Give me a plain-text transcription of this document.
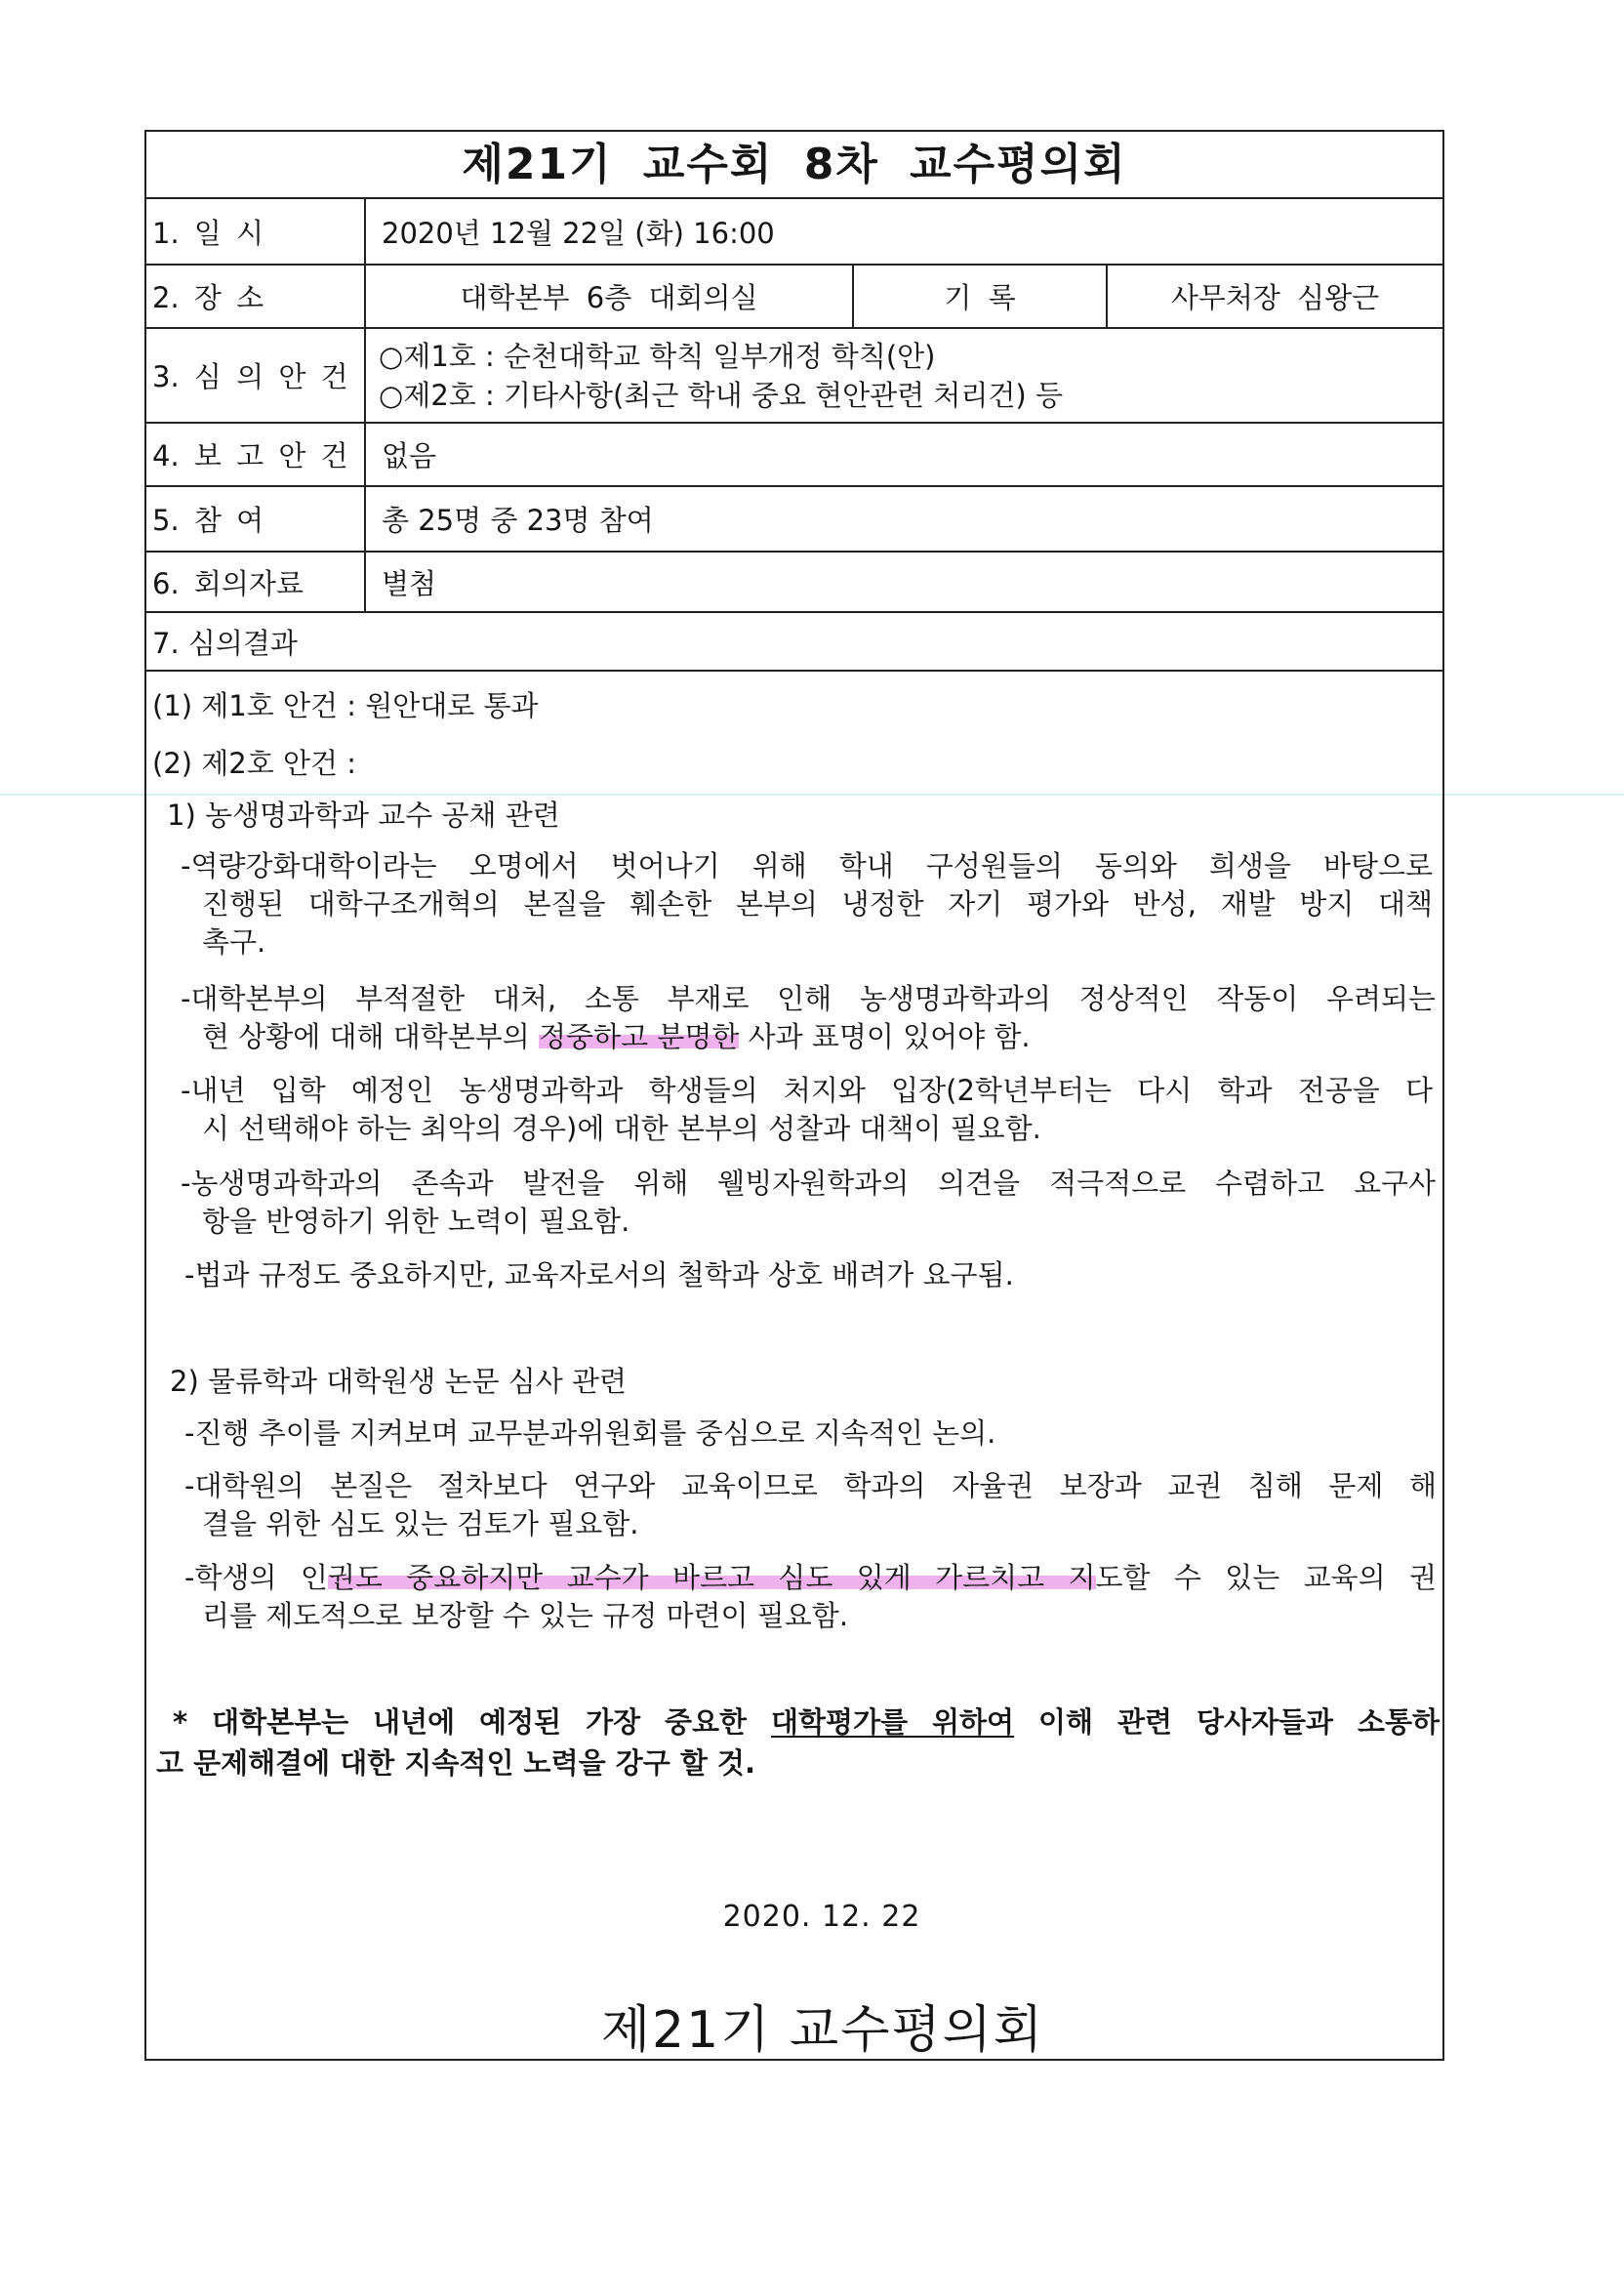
제21기 교수회 8차 교수평의회
1. 일 시	2020년 12월 22일 (화) 16:00
2. 장 소	대학본부 6층 대회의실	기 록	사무처장 심왕근
3. 심 의 안 건
○제1호 : 순천대학교 학칙 일부개정 학칙(안)
○제2호 : 기타사항(최근 학내 중요 현안관련 처리건) 등
4. 보 고 안 건	없음
5. 참 여	총 25명 중 23명 참여
6. 회의자료	별첨
7. 심의결과
(1) 제1호 안건 : 원안대로 통과
(2) 제2호 안건 :
1) 농생명과학과 교수 공채 관련
-역량강화대학이라는 오명에서 벗어나기 위해 학내 구성원들의 동의와 희생을 바탕으로
진행된 대학구조개혁의 본질을 훼손한 본부의 냉정한 자기 평가와 반성, 재발 방지 대책
촉구.
-대학본부의 부적절한 대처, 소통 부재로 인해 농생명과학과의 정상적인 작동이 우려되는
현 상황에 대해 대학본부의 정중하고 분명한 사과 표명이 있어야 함.
-내년 입학 예정인 농생명과학과 학생들의 처지와 입장(2학년부터는 다시 학과 전공을 다
시 선택해야 하는 최악의 경우)에 대한 본부의 성찰과 대책이 필요함.
-농생명과학과의 존속과 발전을 위해 웰빙자원학과의 의견을 적극적으로 수렴하고 요구사
항을 반영하기 위한 노력이 필요함.
-법과 규정도 중요하지만, 교육자로서의 철학과 상호 배려가 요구됨.
2) 물류학과 대학원생 논문 심사 관련
-진행 추이를 지켜보며 교무분과위원회를 중심으로 지속적인 논의.
-대학원의 본질은 절차보다 연구와 교육이므로 학과의 자율권 보장과 교권 침해 문제 해
결을 위한 심도 있는 검토가 필요함.
-학생의 인권도 중요하지만 교수가 바르고 심도 있게 가르치고 지도할 수 있는 교육의 권
리를 제도적으로 보장할 수 있는 규정 마련이 필요함.
* 대학본부는 내년에 예정된 가장 중요한 대학평가를 위하여 이해 관련 당사자들과 소통하
고 문제해결에 대한 지속적인 노력을 강구 할 것.
2020. 12. 22
제21기 교수평의회
